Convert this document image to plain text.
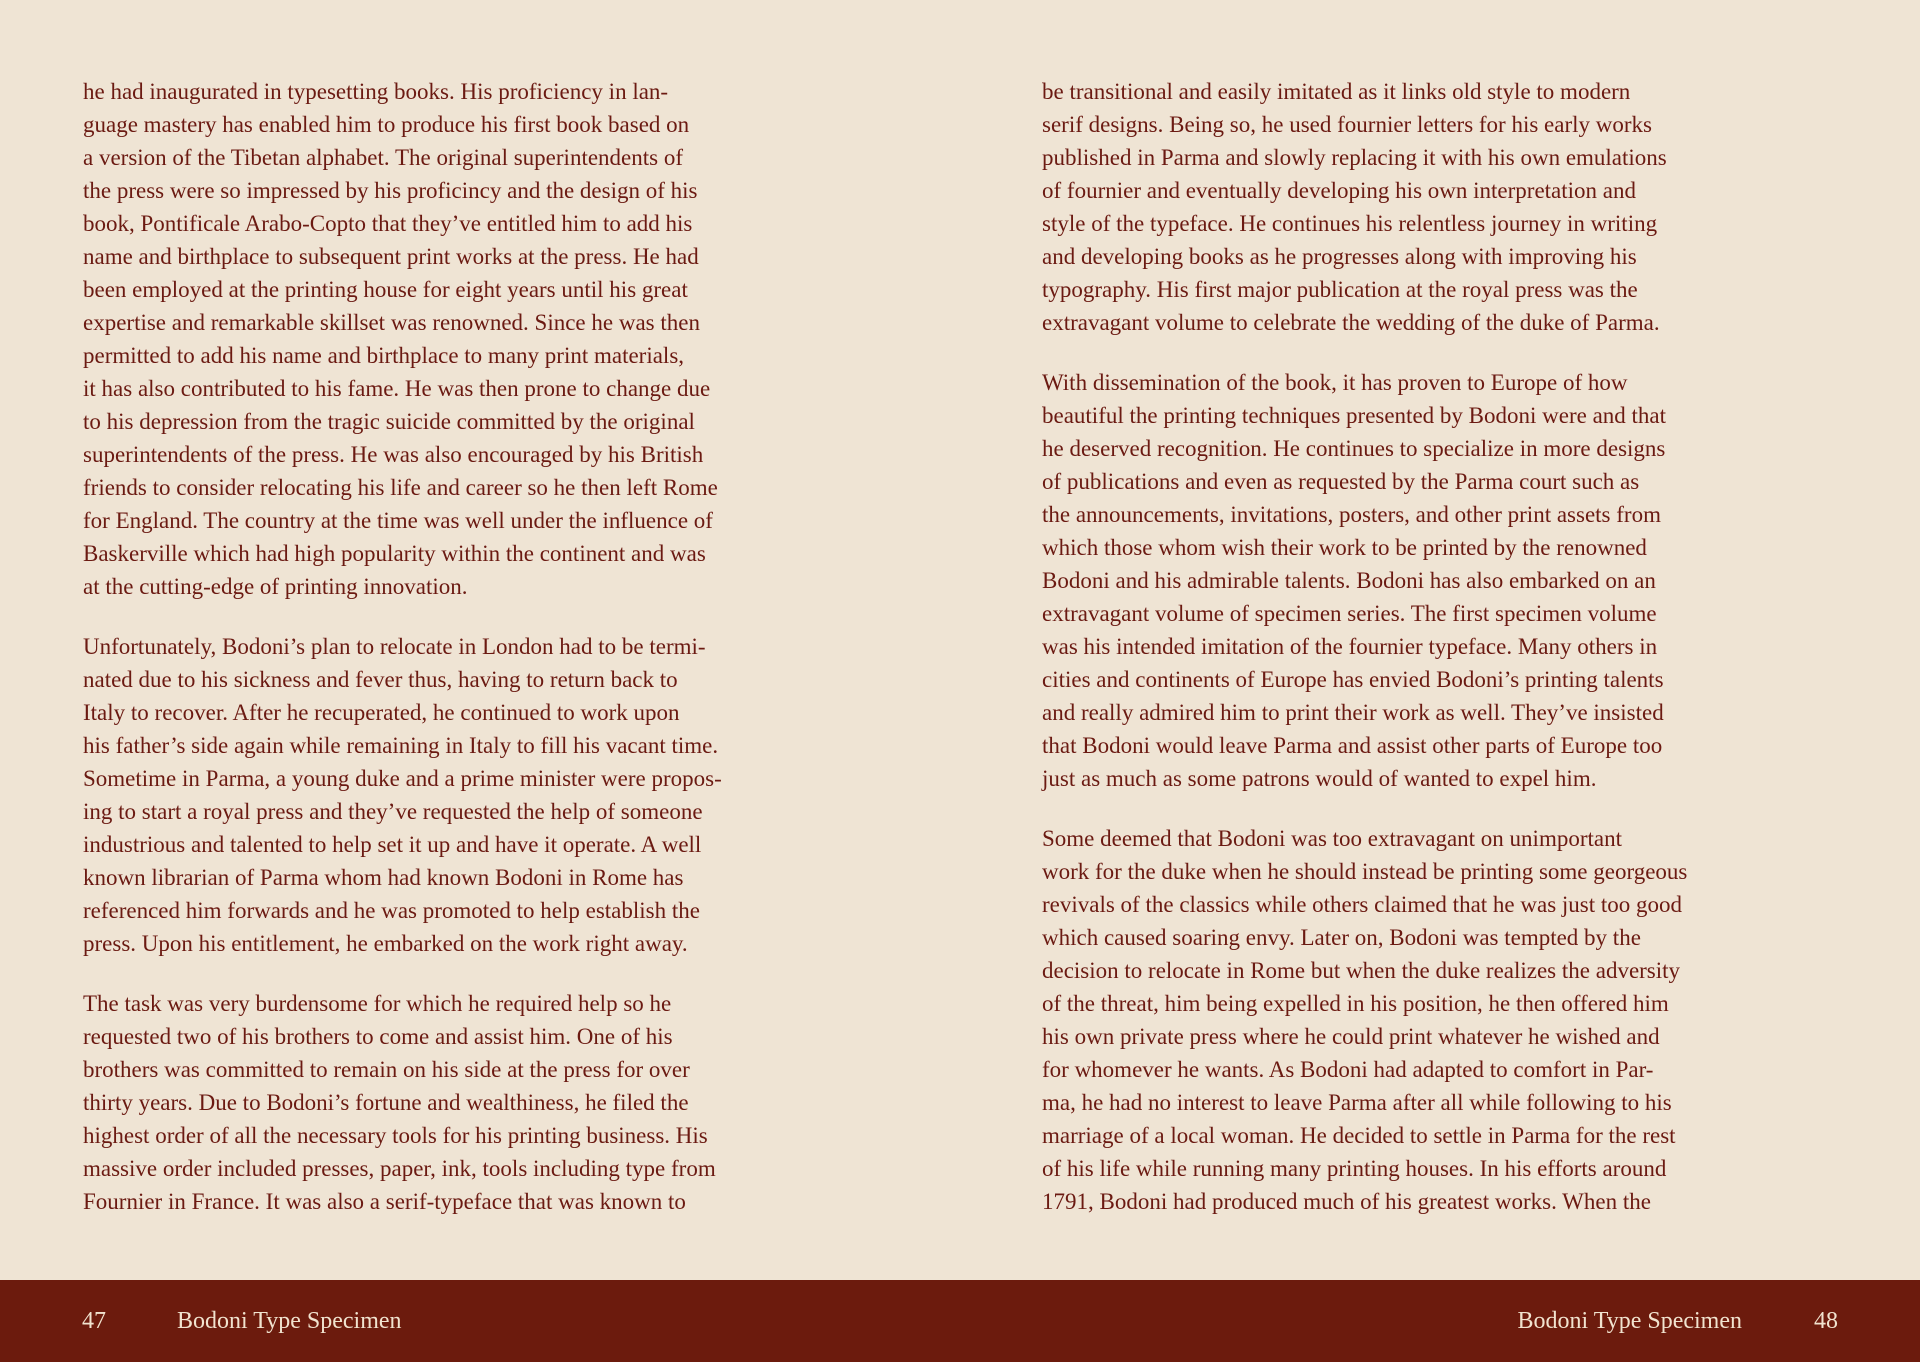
he had inaugurated in typesetting books. His proficiency in lan-
guage mastery has enabled him to produce his first book based on
a version of the Tibetan alphabet. The original superintendents of
the press were so impressed by his proficincy and the design of his
book, Pontificale Arabo-Copto that they’ve entitled him to add his
name and birthplace to subsequent print works at the press. He had
been employed at the printing house for eight years until his great
expertise and remarkable skillset was renowned. Since he was then
permitted to add his name and birthplace to many print materials,
it has also contributed to his fame. He was then prone to change due
to his depression from the tragic suicide committed by the original
superintendents of the press. He was also encouraged by his British
friends to consider relocating his life and career so he then left Rome
for England. The country at the time was well under the influence of
Baskerville which had high popularity within the continent and was
at the cutting-edge of printing innovation.

Unfortunately, Bodoni’s plan to relocate in London had to be termi-
nated due to his sickness and fever thus, having to return back to
Italy to recover. After he recuperated, he continued to work upon
his father’s side again while remaining in Italy to fill his vacant time.
Sometime in Parma, a young duke and a prime minister were propos-
ing to start a royal press and they’ve requested the help of someone
industrious and talented to help set it up and have it operate. A well
known librarian of Parma whom had known Bodoni in Rome has
referenced him forwards and he was promoted to help establish the
press. Upon his entitlement, he embarked on the work right away.

The task was very burdensome for which he required help so he
requested two of his brothers to come and assist him. One of his
brothers was committed to remain on his side at the press for over
thirty years. Due to Bodoni’s fortune and wealthiness, he filed the
highest order of all the necessary tools for his printing business. His
massive order included presses, paper, ink, tools including type from
Fournier in France. It was also a serif-typeface that was known to

be transitional and easily imitated as it links old style to modern
serif designs. Being so, he used fournier letters for his early works
published in Parma and slowly replacing it with his own emulations
of fournier and eventually developing his own interpretation and
style of the typeface. He continues his relentless journey in writing
and developing books as he progresses along with improving his
typography. His first major publication at the royal press was the
extravagant volume to celebrate the wedding of the duke of Parma.

With dissemination of the book, it has proven to Europe of how
beautiful the printing techniques presented by Bodoni were and that
he deserved recognition. He continues to specialize in more designs
of publications and even as requested by the Parma court such as
the announcements, invitations, posters, and other print assets from
which those whom wish their work to be printed by the renowned
Bodoni and his admirable talents. Bodoni has also embarked on an
extravagant volume of specimen series. The first specimen volume
was his intended imitation of the fournier typeface. Many others in
cities and continents of Europe has envied Bodoni’s printing talents
and really admired him to print their work as well. They’ve insisted
that Bodoni would leave Parma and assist other parts of Europe too
just as much as some patrons would of wanted to expel him.

Some deemed that Bodoni was too extravagant on unimportant
work for the duke when he should instead be printing some georgeous
revivals of the classics while others claimed that he was just too good
which caused soaring envy. Later on, Bodoni was tempted by the
decision to relocate in Rome but when the duke realizes the adversity
of the threat, him being expelled in his position, he then offered him
his own private press where he could print whatever he wished and
for whomever he wants. As Bodoni had adapted to comfort in Par-
ma, he had no interest to leave Parma after all while following to his
marriage of a local woman. He decided to settle in Parma for the rest
of his life while running many printing houses. In his efforts around
1791, Bodoni had produced much of his greatest works. When the

47	Bodoni Type Specimen	Bodoni Type Specimen	48
